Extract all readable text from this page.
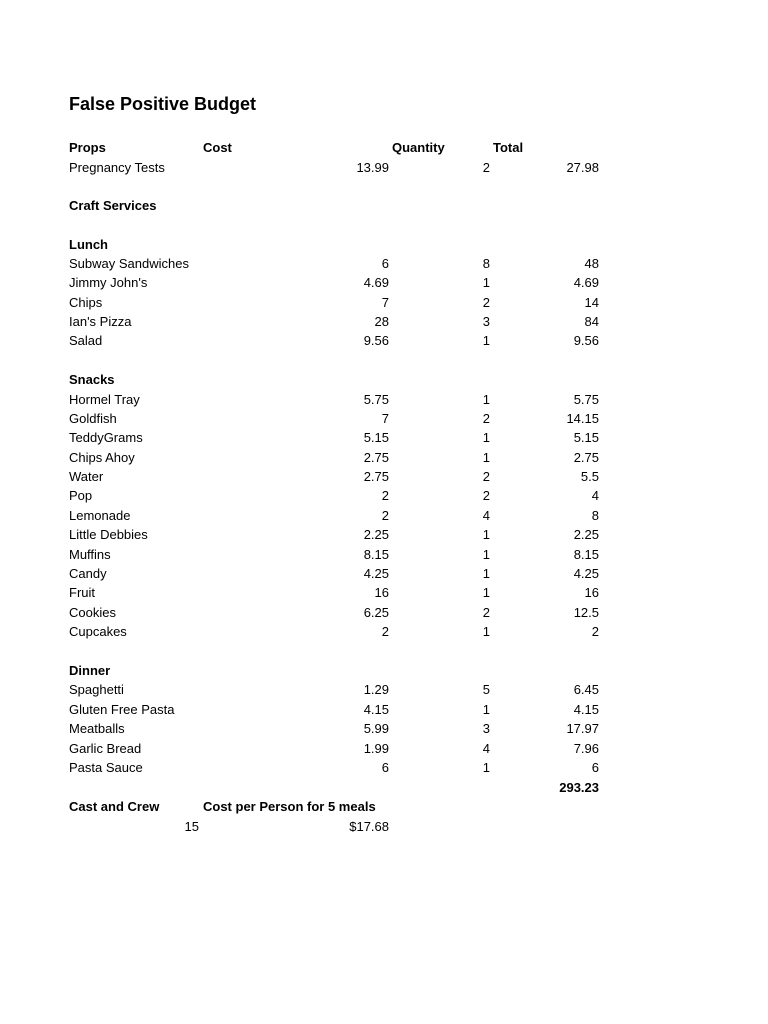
False Positive Budget
Props	Cost	Quantity	Total
Pregnancy Tests	13.99	2	27.98
Craft Services
Lunch
Subway Sandwiches	6	8	48
Jimmy John's	4.69	1	4.69
Chips	7	2	14
Ian's Pizza	28	3	84
Salad	9.56	1	9.56
Snacks
Hormel Tray	5.75	1	5.75
Goldfish	7	2	14.15
TeddyGrams	5.15	1	5.15
Chips Ahoy	2.75	1	2.75
Water	2.75	2	5.5
Pop	2	2	4
Lemonade	2	4	8
Little Debbies	2.25	1	2.25
Muffins	8.15	1	8.15
Candy	4.25	1	4.25
Fruit	16	1	16
Cookies	6.25	2	12.5
Cupcakes	2	1	2
Dinner
Spaghetti	1.29	5	6.45
Gluten Free Pasta	4.15	1	4.15
Meatballs	5.99	3	17.97
Garlic Bread	1.99	4	7.96
Pasta Sauce	6	1	6
293.23
Cast and Crew	Cost per Person for 5 meals
15	$17.68
